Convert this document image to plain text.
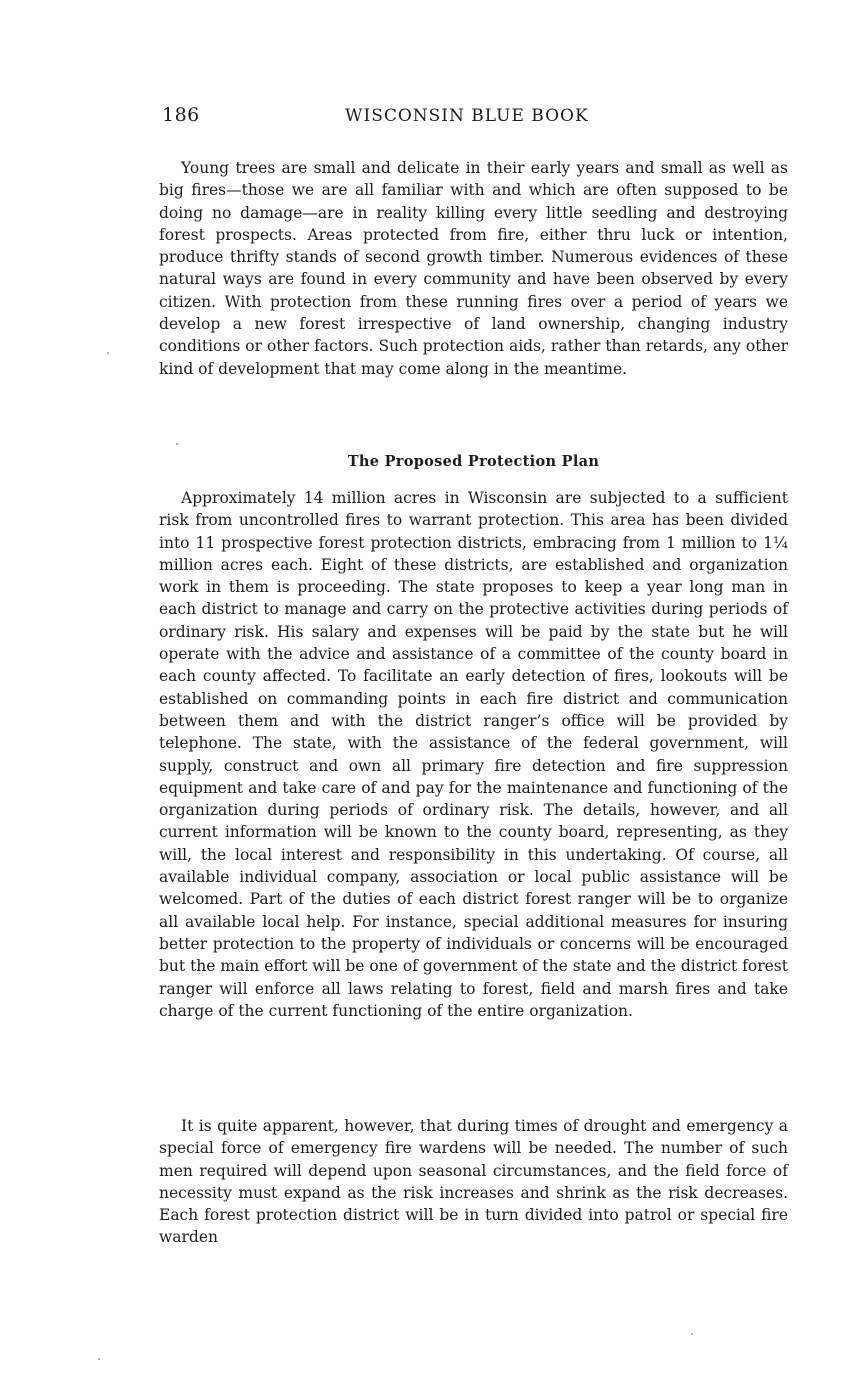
186	WISCONSIN BLUE BOOK

Young trees are small and delicate in their early years and small as well as big fires—those we are all familiar with and which are often supposed to be doing no damage—are in reality killing every little seedling and destroying forest prospects. Areas protected from fire, either thru luck or intention, produce thrifty stands of second growth timber. Numerous evidences of these natural ways are found in every community and have been observed by every citizen. With protection from these running fires over a period of years we develop a new forest irrespective of land ownership, changing industry conditions or other factors. Such protection aids, rather than retards, any other kind of development that may come along in the meantime.

The Proposed Protection Plan

Approximately 14 million acres in Wisconsin are subjected to a sufficient risk from uncontrolled fires to warrant protection. This area has been divided into 11 prospective forest protection districts, embracing from 1 million to 1¼ million acres each. Eight of these districts, are established and organization work in them is proceeding. The state proposes to keep a year long man in each district to manage and carry on the protective activities during periods of ordinary risk. His salary and expenses will be paid by the state but he will operate with the advice and assistance of a committee of the county board in each county affected. To facilitate an early detection of fires, lookouts will be established on commanding points in each fire district and communication between them and with the district ranger’s office will be provided by telephone. The state, with the assistance of the federal government, will supply, construct and own all primary fire detection and fire suppression equipment and take care of and pay for the maintenance and functioning of the organization during periods of ordinary risk. The details, however, and all current information will be known to the county board, representing, as they will, the local interest and responsibility in this undertaking. Of course, all available individual company, association or local public assistance will be welcomed. Part of the duties of each district forest ranger will be to organize all available local help. For instance, special additional measures for insuring better protection to the property of individuals or concerns will be encouraged but the main effort will be one of government of the state and the district forest ranger will enforce all laws relating to forest, field and marsh fires and take charge of the current functioning of the entire organization.

It is quite apparent, however, that during times of drought and emergency a special force of emergency fire wardens will be needed. The number of such men required will depend upon seasonal circumstances, and the field force of necessity must expand as the risk increases and shrink as the risk decreases. Each forest protection district will be in turn divided into patrol or special fire warden
